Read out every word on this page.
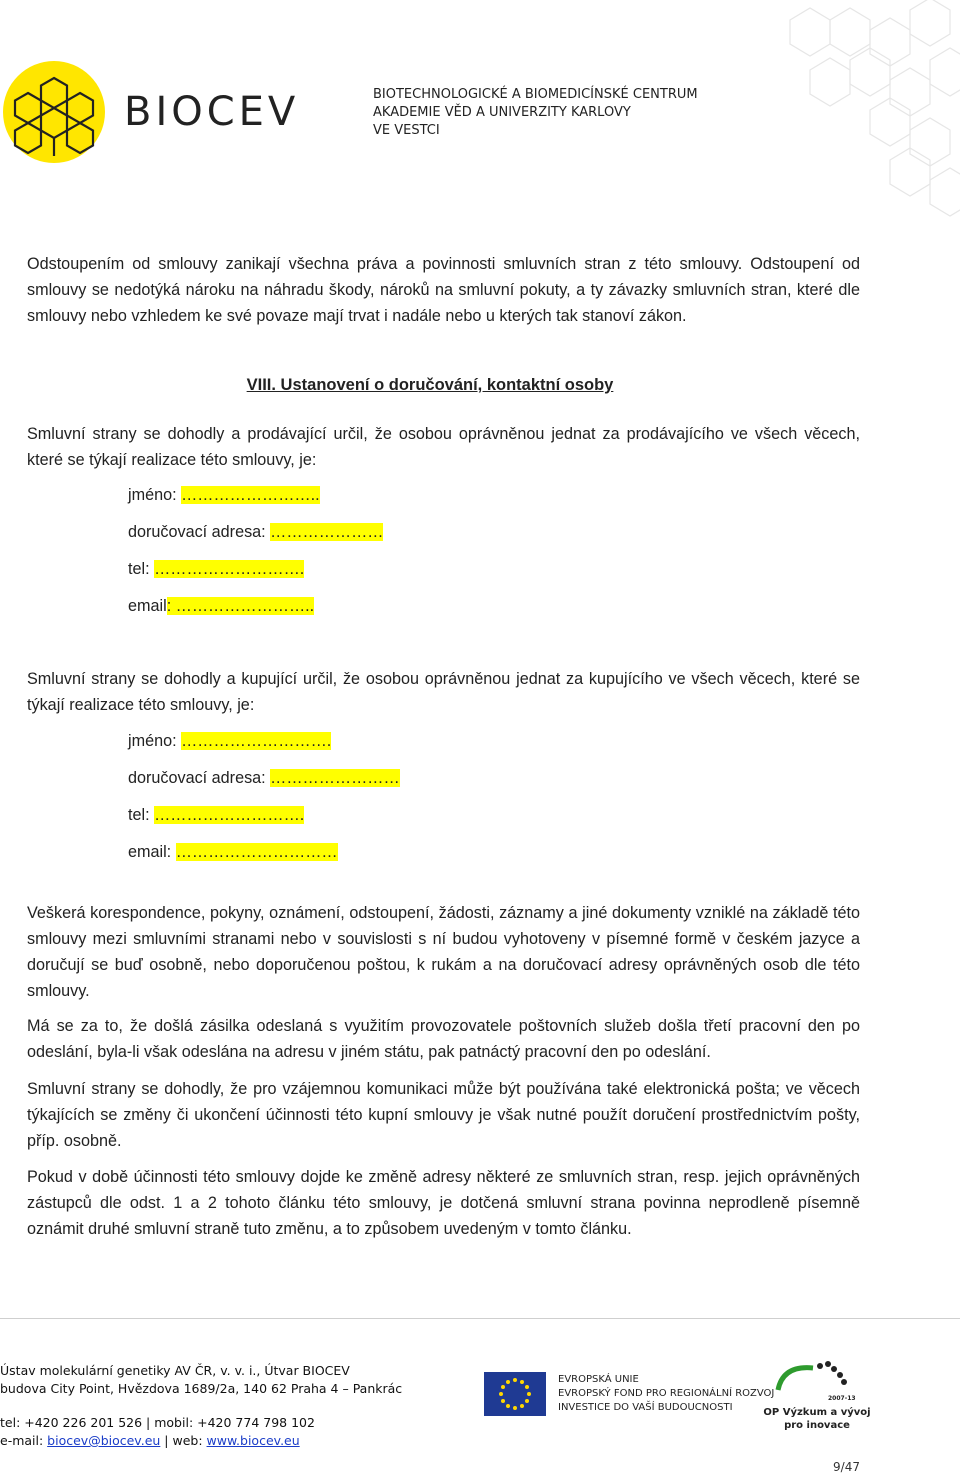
BIOCEV	BIOTECHNOLOGICKÉ A BIOMEDICÍNSKÉ CENTRUM
AKADEMIE VĚD A UNIVERZITY KARLOVY
VE VESTCI

Odstoupením od smlouvy zanikají všechna práva a povinnosti smluvních stran z této smlouvy. Odstoupení od smlouvy se nedotýká nároku na náhradu škody, nároků na smluvní pokuty, a ty závazky smluvních stran, které dle smlouvy nebo vzhledem ke své povaze mají trvat i nadále nebo u kterých tak stanoví zákon.

VIII. Ustanovení o doručování, kontaktní osoby

Smluvní strany se dohodly a prodávající určil, že osobou oprávněnou jednat za prodávajícího ve všech věcech, které se týkají realizace této smlouvy, je:

jméno: ……………………..
doručovací adresa: …………………
tel: ……………………….
email: ……………………..

Smluvní strany se dohodly a kupující určil, že osobou oprávněnou jednat za kupujícího ve všech věcech, které se týkají realizace této smlouvy, je:

jméno: ……………………….
doručovací adresa: ……………………
tel: ……………………….
email: …………………………

Veškerá korespondence, pokyny, oznámení, odstoupení, žádosti, záznamy a jiné dokumenty vzniklé na základě této smlouvy mezi smluvními stranami nebo v souvislosti s ní budou vyhotoveny v písemné formě v českém jazyce a doručují se buď osobně, nebo doporučenou poštou, k rukám a na doručovací adresy oprávněných osob dle této smlouvy.

Má se za to, že došlá zásilka odeslaná s využitím provozovatele poštovních služeb došla třetí pracovní den po odeslání, byla-li však odeslána na adresu v jiném státu, pak patnáctý pracovní den po odeslání.

Smluvní strany se dohodly, že pro vzájemnou komunikaci může být používána také elektronická pošta; ve věcech týkajících se změny či ukončení účinnosti této kupní smlouvy je však nutné použít doručení prostřednictvím pošty, příp. osobně.

Pokud v době účinnosti této smlouvy dojde ke změně adresy některé ze smluvních stran, resp. jejich oprávněných zástupců dle odst. 1 a 2 tohoto článku této smlouvy, je dotčená smluvní strana povinna neprodleně písemně oznámit druhé smluvní straně tuto změnu, a to způsobem uvedeným v tomto článku.

Ústav molekulární genetiky AV ČR, v. v. i., Útvar BIOCEV
budova City Point, Hvězdova 1689/2a, 140 62 Praha 4 – Pankrác
tel: +420 226 201 526 | mobil: +420 774 798 102
e-mail: biocev@biocev.eu | web: www.biocev.eu
EVROPSKÁ UNIE
EVROPSKÝ FOND PRO REGIONÁLNÍ ROZVOJ
INVESTICE DO VAŠÍ BUDOUCNOSTI
2007-13
OP Výzkum a vývoj
pro inovace
9/47
